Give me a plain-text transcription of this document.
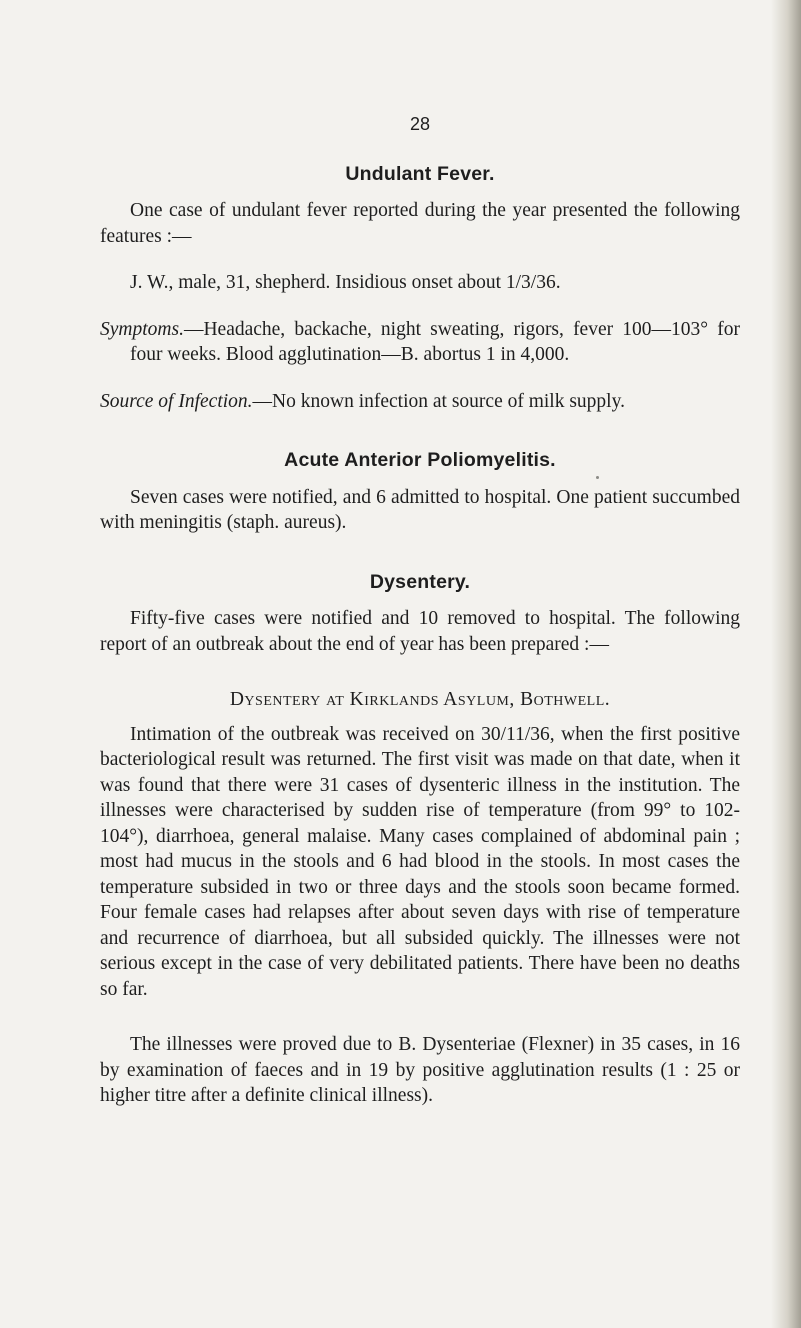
28
Undulant Fever.

One case of undulant fever reported during the year presented the following features :—

J. W., male, 31, shepherd. Insidious onset about 1/3/36.

Symptoms.—Headache, backache, night sweating, rigors, fever 100—103° for four weeks. Blood agglutination—B. abortus 1 in 4,000.

Source of Infection.—No known infection at source of milk supply.

Acute Anterior Poliomyelitis.

Seven cases were notified, and 6 admitted to hospital. One patient succumbed with meningitis (staph. aureus).

Dysentery.

Fifty-five cases were notified and 10 removed to hospital. The following report of an outbreak about the end of year has been prepared :—

Dysentery at Kirklands Asylum, Bothwell.

Intimation of the outbreak was received on 30/11/36, when the first positive bacteriological result was returned. The first visit was made on that date, when it was found that there were 31 cases of dysenteric illness in the institution. The illnesses were characterised by sudden rise of temperature (from 99° to 102-104°), diarrhoea, general malaise. Many cases complained of abdominal pain ; most had mucus in the stools and 6 had blood in the stools. In most cases the temperature subsided in two or three days and the stools soon became formed. Four female cases had relapses after about seven days with rise of temperature and recurrence of diarrhoea, but all subsided quickly. The illnesses were not serious except in the case of very debilitated patients. There have been no deaths so far.

The illnesses were proved due to B. Dysenteriae (Flexner) in 35 cases, in 16 by examination of faeces and in 19 by positive agglutination results (1 : 25 or higher titre after a definite clinical illness).
